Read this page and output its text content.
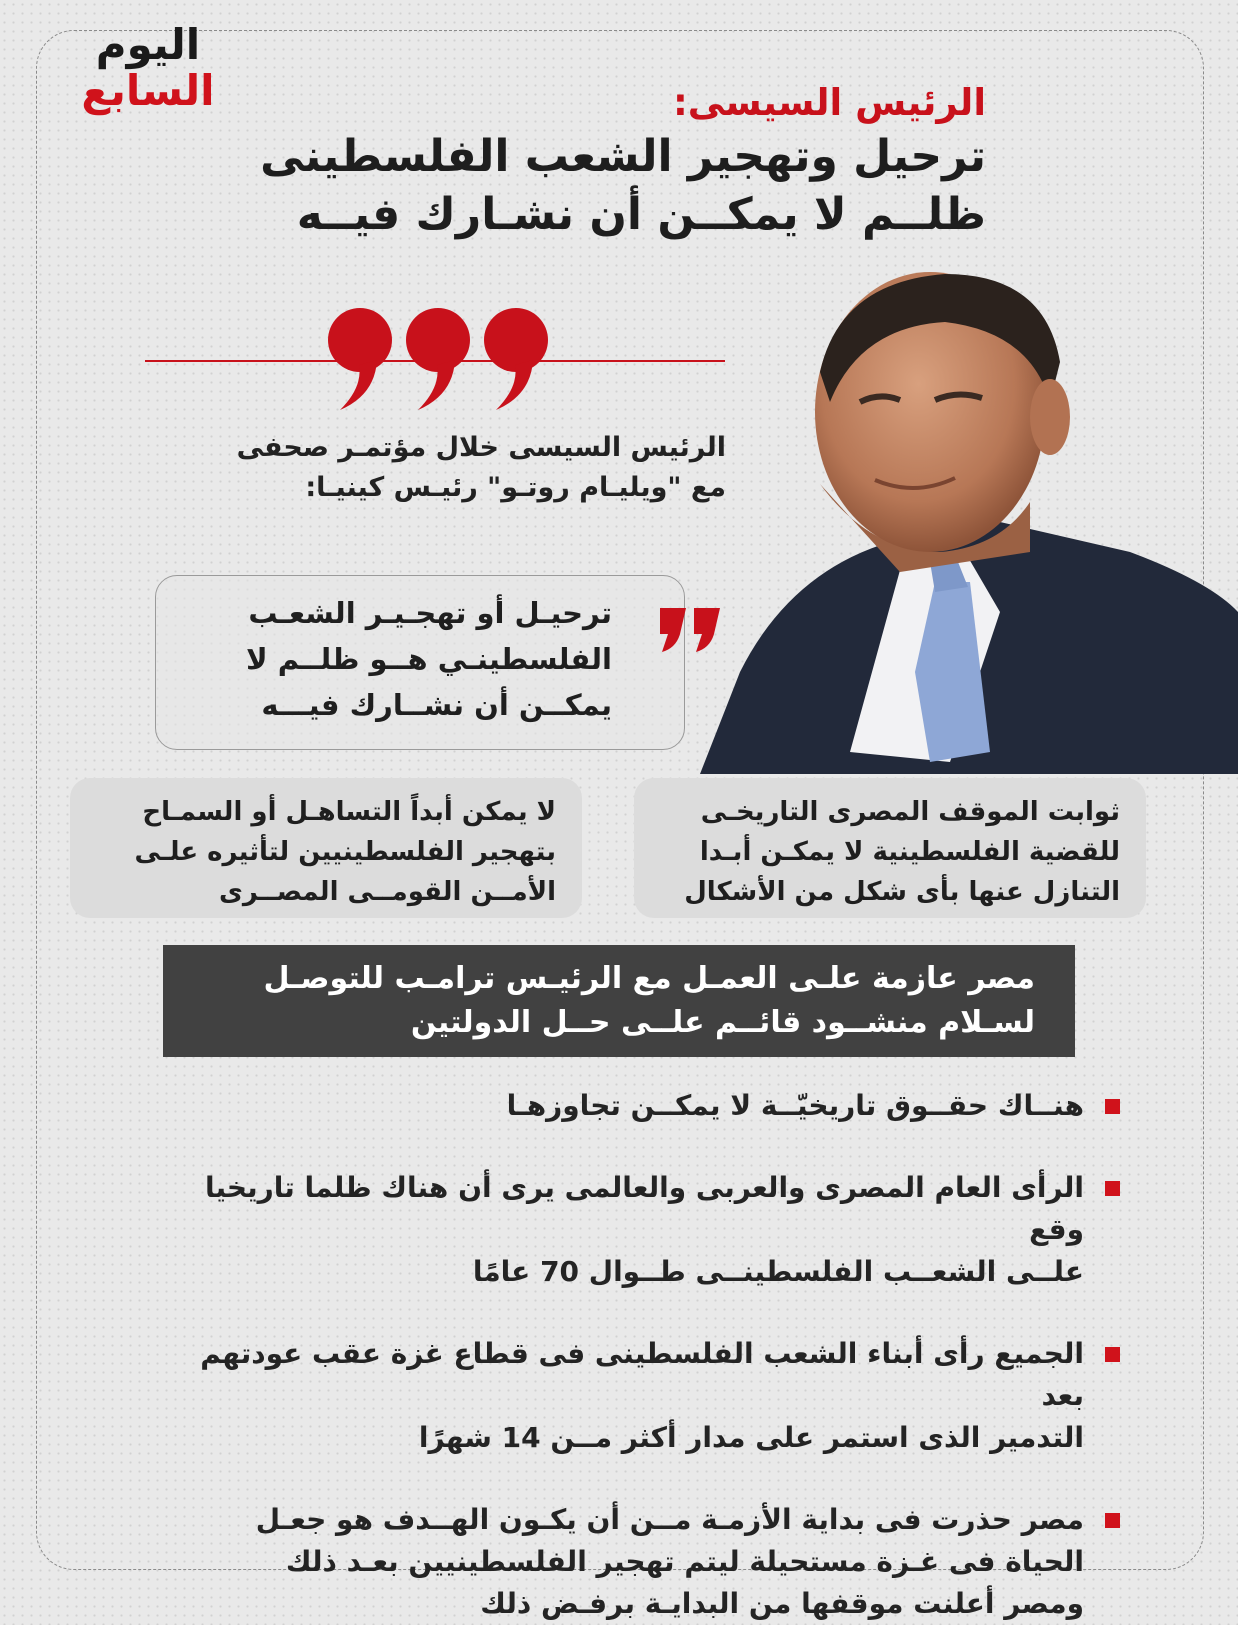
اليوم
السابع	الرئيس السيسى:
ترحيل وتهجير الشعب الفلسطينى
ظلــم لا يمكــن أن نشـارك فيــه
الرئيس السيسى خلال مؤتمـر صحفى
مع "ويليـام روتـو" رئيـس كينيـا:
ترحيـل أو تهجـيـر الشعـب
الفلسطينـي هــو ظلــم لا
يمكــن أن نشــارك فيـــه
ثوابت الموقف المصرى التاريخـى
للقضية الفلسطينية لا يمكـن أبـدا
التنازل عنها بأى شكل من الأشكال
لا يمكن أبداً التساهـل أو السمـاح
بتهجير الفلسطينيين لتأثيره علـى
الأمــن القومــى المصــرى
مصر عازمة علـى العمـل مع الرئيـس ترامـب للتوصـل
لسـلام منشــود قائــم علــى حــل الدولتين
هنــاك حقــوق تاريخيّــة لا يمكــن تجاوزهـا
الرأى العام المصرى والعربى والعالمى يرى أن هناك ظلما تاريخيا وقع
علــى الشعــب الفلسطينــى طــوال 70 عامًا
الجميع رأى أبناء الشعب الفلسطينى فى قطاع غزة عقب عودتهم بعد
التدمير الذى استمر على مدار أكثر مــن 14 شهرًا
مصر حذرت فى بداية الأزمـة مــن أن يكـون الهــدف هو جعـل
الحياة فى غـزة مستحيلة ليتم تهجير الفلسطينيين بعـد ذلك
ومصر أعلنت موقفها من البدايـة برفـض ذلك
